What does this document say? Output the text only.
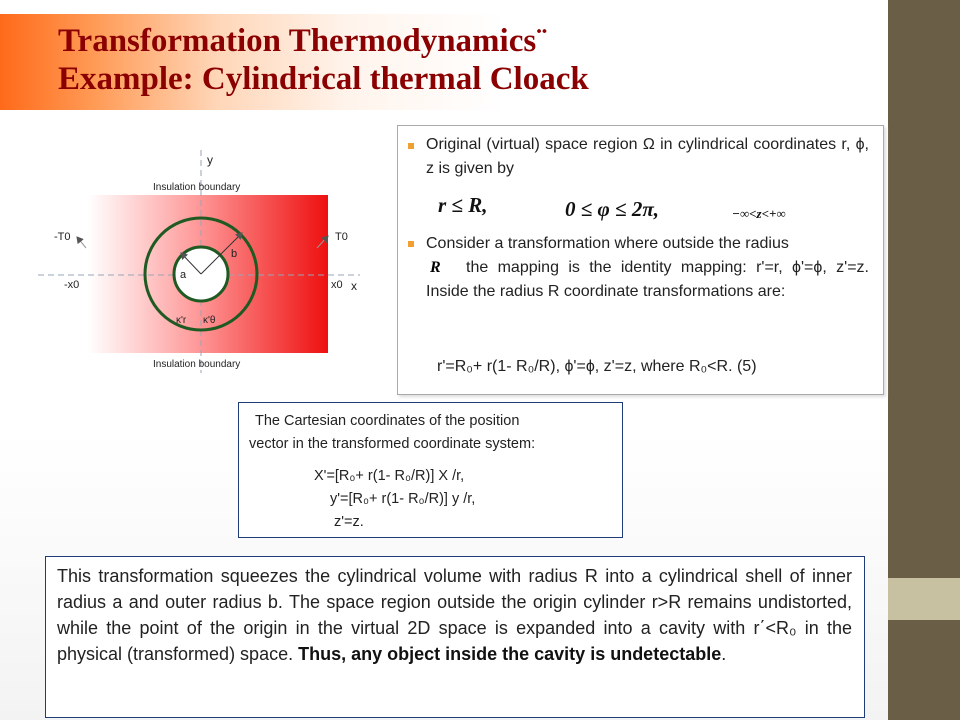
Transformation Thermodynamics¨
Example: Cylindrical thermal Cloack
y
x
Insulation boundary
Insulation boundary
-T0	T0
-x0	x0
a
b
κ'r κ'θ
Original (virtual) space region Ω in cylindrical coordinates r, ϕ, z is given by
r ≤ R,	0 ≤ φ ≤ 2π,	−∞<z<+∞
Consider a transformation where outside the radius
R	the mapping is the identity mapping: r'=r, ϕ'=ϕ, z'=z. Inside the radius R coordinate transformations are:
r'=R₀+ r(1- R₀/R), ϕ'=ϕ, z'=z, where R₀<R. (5)
The Cartesian coordinates of the position
vector in the transformed coordinate system:
X'=[R₀+ r(1- R₀/R)] X /r,
y'=[R₀+ r(1- R₀/R)] y /r,
z'=z.
This transformation squeezes the cylindrical volume with radius R into a cylindrical shell of inner radius a and outer radius b. The space region outside the origin cylinder r>R remains undistorted, while the point of the origin in the virtual 2D space is expanded into a cavity with r΄<R₀ in the physical (transformed) space. Thus, any object inside the cavity is undetectable.
